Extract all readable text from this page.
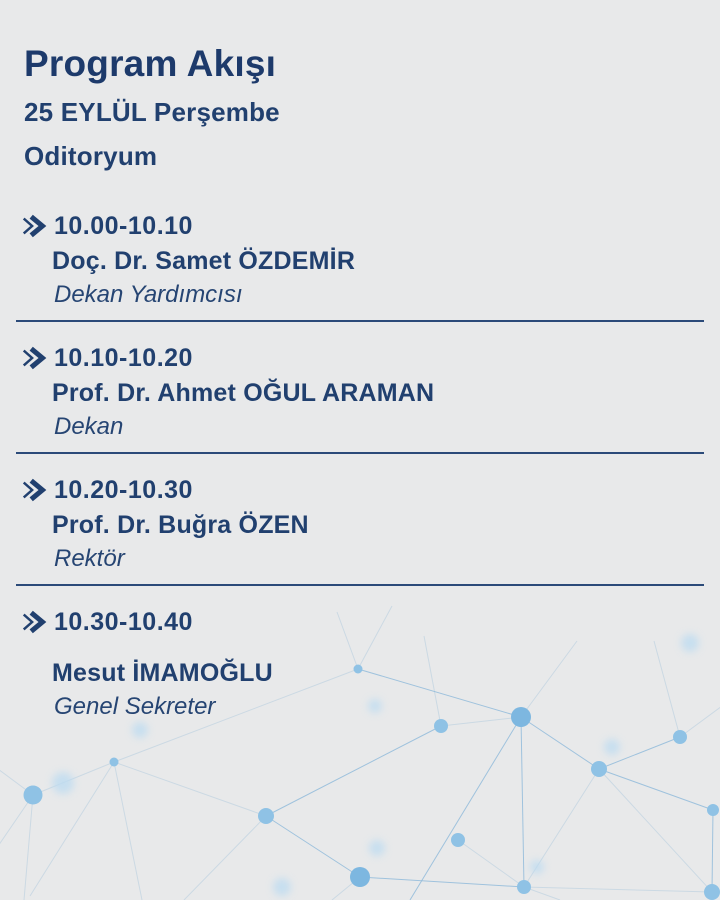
Program Akışı
25 EYLÜL Perşembe
Oditoryum
10.00-10.10
Doç. Dr. Samet ÖZDEMİR
Dekan Yardımcısı
10.10-10.20
Prof. Dr. Ahmet OĞUL ARAMAN
Dekan
10.20-10.30
Prof. Dr. Buğra ÖZEN
Rektör
10.30-10.40
Mesut İMAMOĞLU
Genel Sekreter
